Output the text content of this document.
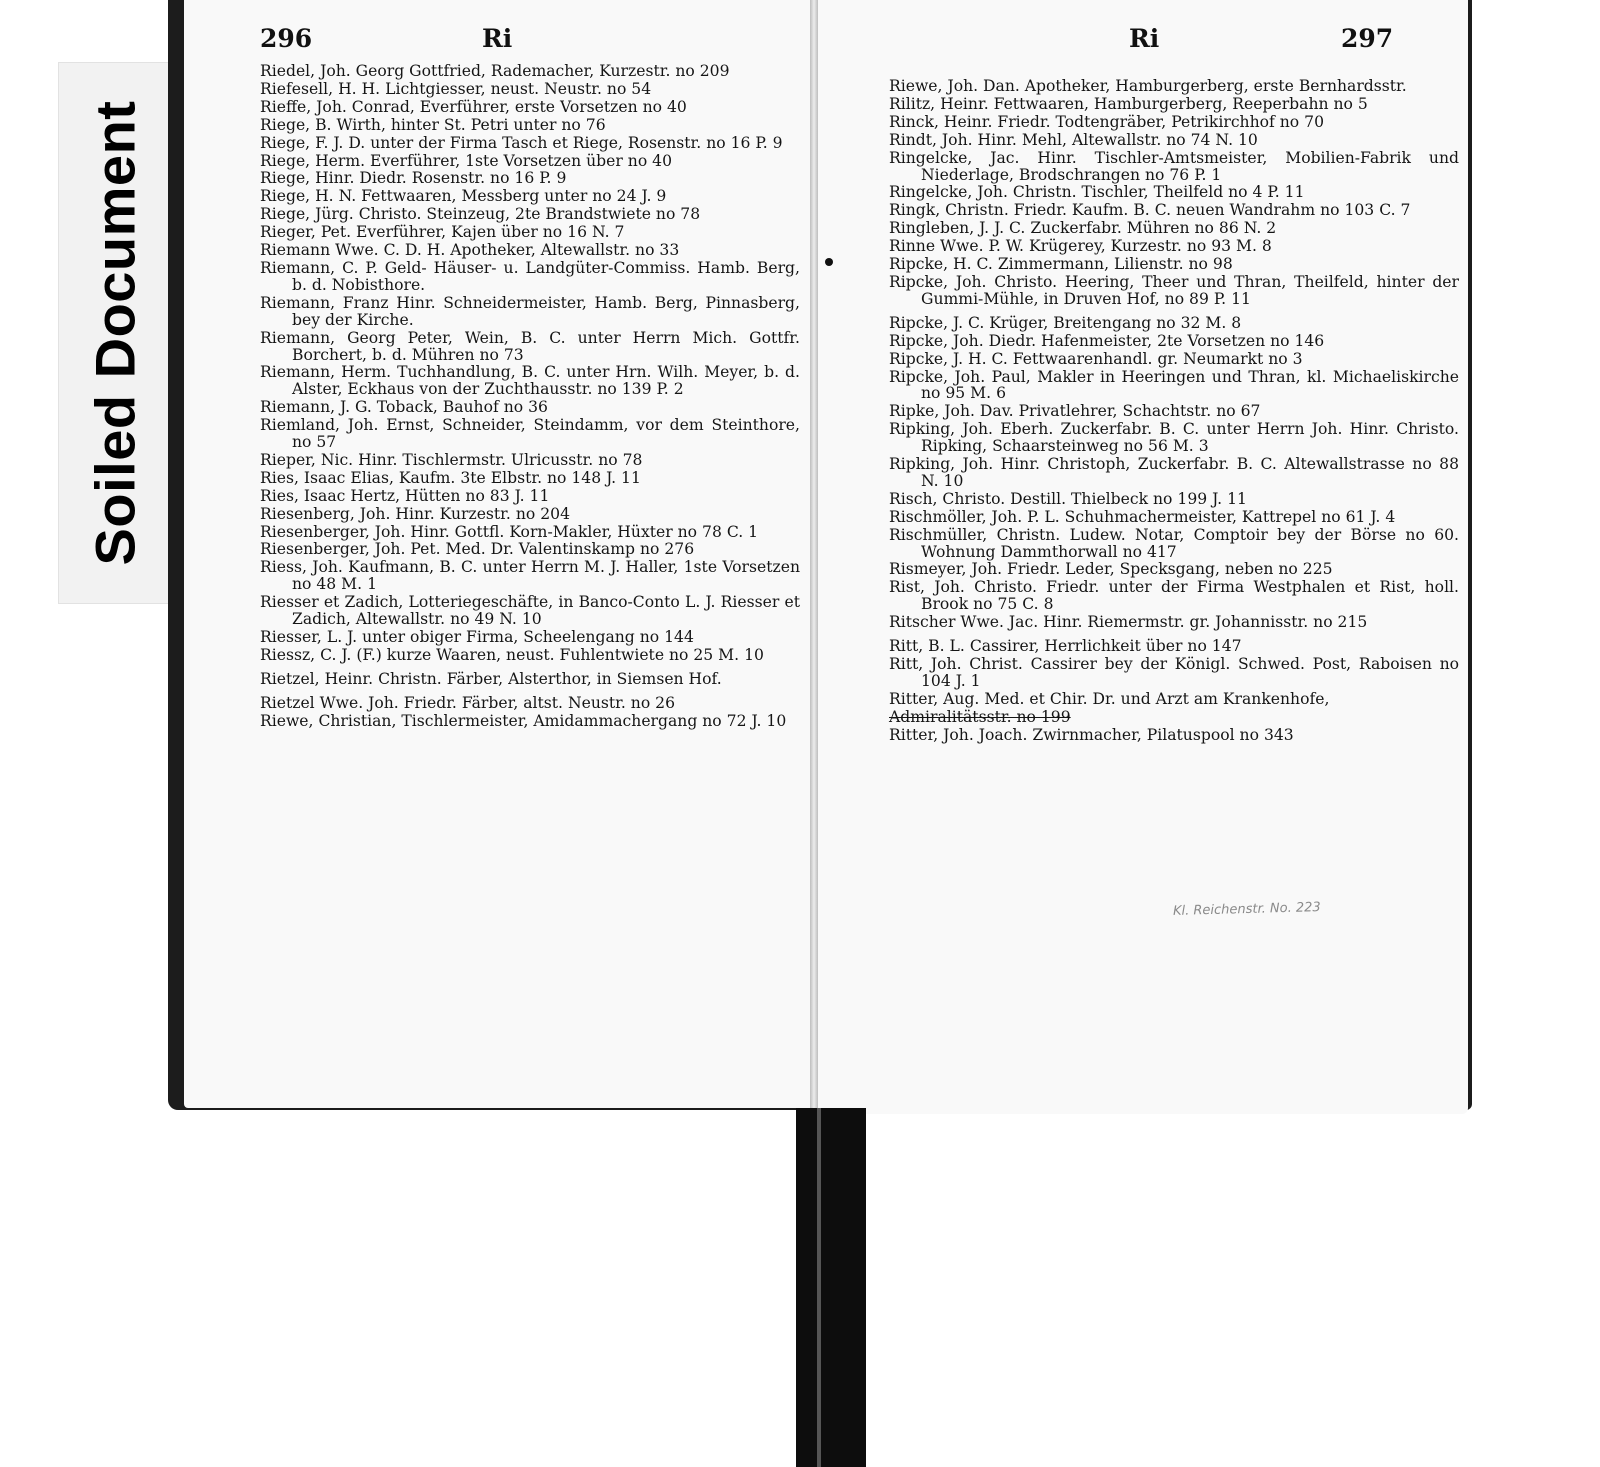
Soiled Document
296	Ri
Riedel, Joh. Georg Gottfried, Rademacher, Kurzestr. no 209
Riefesell, H. H. Lichtgiesser, neust. Neustr. no 54
Rieffe, Joh. Conrad, Everführer, erste Vorsetzen no 40
Riege, B. Wirth, hinter St. Petri unter no 76
Riege, F. J. D. unter der Firma Tasch et Riege, Rosenstr. no 16 P. 9
Riege, Herm. Everführer, 1ste Vorsetzen über no 40
Riege, Hinr. Diedr. Rosenstr. no 16 P. 9
Riege, H. N. Fettwaaren, Messberg unter no 24 J. 9
Riege, Jürg. Christo. Steinzeug, 2te Brandstwiete no 78
Rieger, Pet. Everführer, Kajen über no 16 N. 7
Riemann Wwe. C. D. H. Apotheker, Altewallstr. no 33
Riemann, C. P. Geld- Häuser- u. Landgüter-Commiss. Hamb. Berg, b. d. Nobisthore.
Riemann, Franz Hinr. Schneidermeister, Hamb. Berg, Pinnasberg, bey der Kirche.
Riemann, Georg Peter, Wein, B. C. unter Herrn Mich. Gottfr. Borchert, b. d. Mühren no 73
Riemann, Herm. Tuchhandlung, B. C. unter Hrn. Wilh. Meyer, b. d. Alster, Eckhaus von der Zuchthausstr. no 139 P. 2
Riemann, J. G. Toback, Bauhof no 36
Riemland, Joh. Ernst, Schneider, Steindamm, vor dem Steinthore, no 57
Rieper, Nic. Hinr. Tischlermstr. Ulricusstr. no 78
Ries, Isaac Elias, Kaufm. 3te Elbstr. no 148 J. 11
Ries, Isaac Hertz, Hütten no 83 J. 11
Riesenberg, Joh. Hinr. Kurzestr. no 204
Riesenberger, Joh. Hinr. Gottfl. Korn-Makler, Hüxter no 78 C. 1
Riesenberger, Joh. Pet. Med. Dr. Valentinskamp no 276
Riess, Joh. Kaufmann, B. C. unter Herrn M. J. Haller, 1ste Vorsetzen no 48 M. 1
Riesser et Zadich, Lotteriegeschäfte, in Banco-Conto L. J. Riesser et Zadich, Altewallstr. no 49 N. 10
Riesser, L. J. unter obiger Firma, Scheelengang no 144
Riessz, C. J. (F.) kurze Waaren, neust. Fuhlentwiete no 25 M. 10
Rietzel, Heinr. Christn. Färber, Alsterthor, in Siemsen Hof.
Rietzel Wwe. Joh. Friedr. Färber, altst. Neustr. no 26
Riewe, Christian, Tischlermeister, Amidammachergang no 72 J. 10
Ri	297
Riewe, Joh. Dan. Apotheker, Hamburgerberg, erste Bernhardsstr.
Rilitz, Heinr. Fettwaaren, Hamburgerberg, Reeperbahn no 5
Rinck, Heinr. Friedr. Todtengräber, Petrikirchhof no 70
Rindt, Joh. Hinr. Mehl, Altewallstr. no 74 N. 10
Ringelcke, Jac. Hinr. Tischler-Amtsmeister, Mobilien-Fabrik und Niederlage, Brodschrangen no 76 P. 1
Ringelcke, Joh. Christn. Tischler, Theilfeld no 4 P. 11
Ringk, Christn. Friedr. Kaufm. B. C. neuen Wandrahm no 103 C. 7
Ringleben, J. J. C. Zuckerfabr. Mühren no 86 N. 2
Rinne Wwe. P. W. Krügerey, Kurzestr. no 93 M. 8
Ripcke, H. C. Zimmermann, Lilienstr. no 98
Ripcke, Joh. Christo. Heering, Theer und Thran, Theilfeld, hinter der Gummi-Mühle, in Druven Hof, no 89 P. 11
Ripcke, J. C. Krüger, Breitengang no 32 M. 8
Ripcke, Joh. Diedr. Hafenmeister, 2te Vorsetzen no 146
Ripcke, J. H. C. Fettwaarenhandl. gr. Neumarkt no 3
Ripcke, Joh. Paul, Makler in Heeringen und Thran, kl. Michaeliskirche no 95 M. 6
Ripke, Joh. Dav. Privatlehrer, Schachtstr. no 67
Ripking, Joh. Eberh. Zuckerfabr. B. C. unter Herrn Joh. Hinr. Christo. Ripking, Schaarsteinweg no 56 M. 3
Ripking, Joh. Hinr. Christoph, Zuckerfabr. B. C. Altewallstrasse no 88 N. 10
Risch, Christo. Destill. Thielbeck no 199 J. 11
Rischmöller, Joh. P. L. Schuhmachermeister, Kattrepel no 61 J. 4
Rischmüller, Christn. Ludew. Notar, Comptoir bey der Börse no 60. Wohnung Dammthorwall no 417
Rismeyer, Joh. Friedr. Leder, Specksgang, neben no 225
Rist, Joh. Christo. Friedr. unter der Firma Westphalen et Rist, holl. Brook no 75 C. 8
Ritscher Wwe. Jac. Hinr. Riemermstr. gr. Johannisstr. no 215
Ritt, B. L. Cassirer, Herrlichkeit über no 147
Ritt, Joh. Christ. Cassirer bey der Königl. Schwed. Post, Raboisen no 104 J. 1
Ritter, Aug. Med. et Chir. Dr. und Arzt am Krankenhofe,
Admiralitätsstr. no 199
Ritter, Joh. Joach. Zwirnmacher, Pilatuspool no 343
Kl. Reichenstr. No. 223
